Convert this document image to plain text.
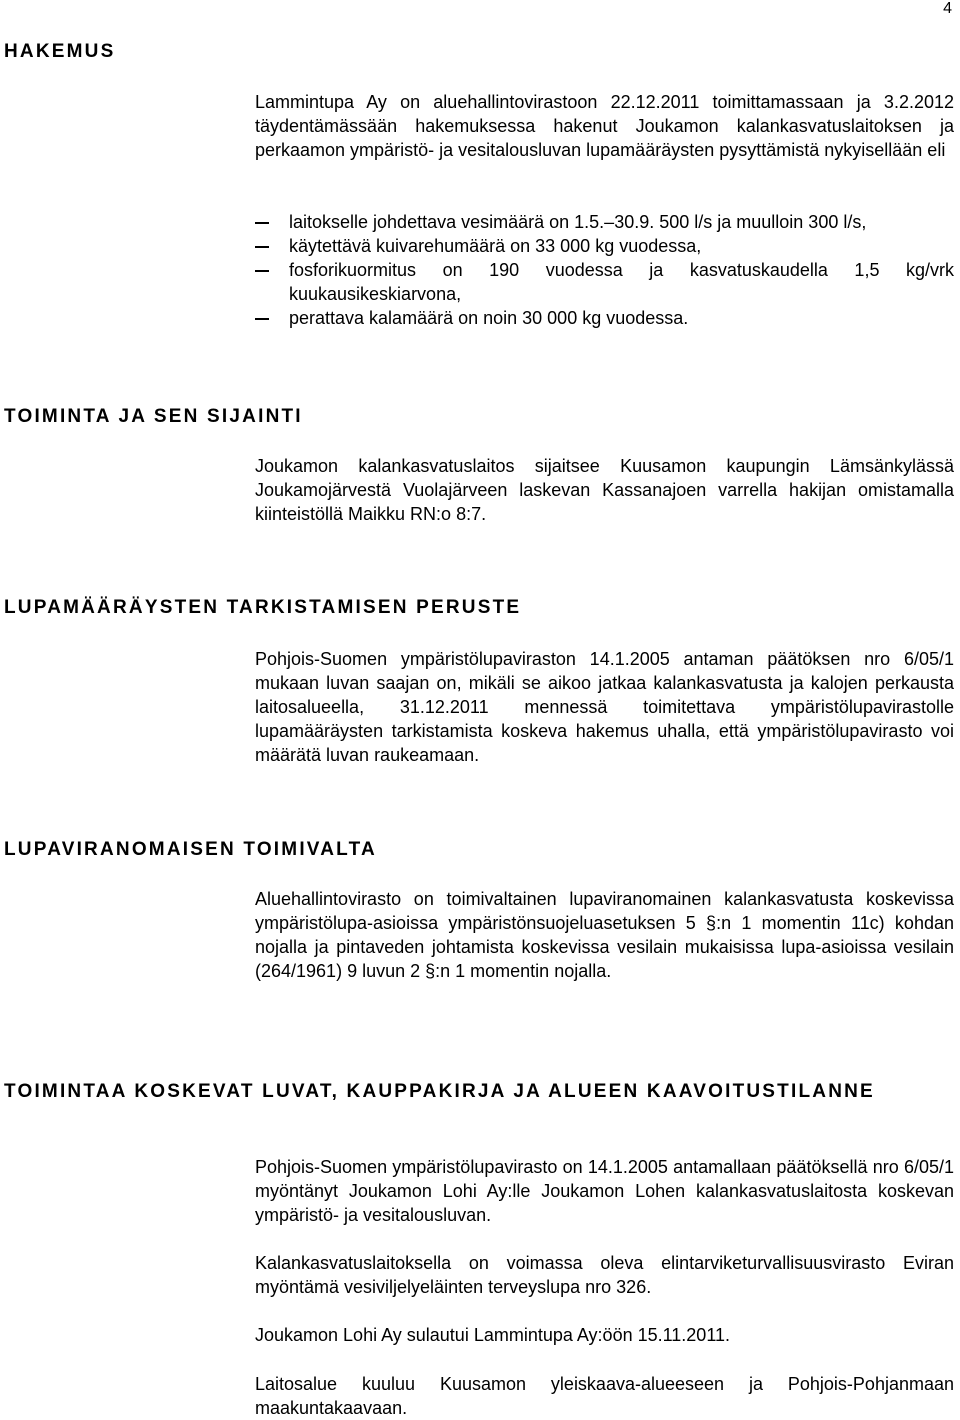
4
HAKEMUS

Lammintupa Ay on aluehallintovirastoon 22.12.2011 toimittamassaan ja 3.2.2012 täydentämässään hakemuksessa hakenut Joukamon kalankasvatuslaitoksen ja perkaamon ympäristö- ja vesitalousluvan lupamääräysten pysyttämistä nykyisellään eli

laitokselle johdettava vesimäärä on 1.5.–30.9. 500 l/s ja muulloin 300 l/s,
käytettävä kuivarehumäärä on 33 000 kg vuodessa,
fosforikuormitus on 190 vuodessa ja kasvatuskaudella 1,5 kg/vrk kuukausikeskiarvona,
perattava kalamäärä on noin 30 000 kg vuodessa.
TOIMINTA JA SEN SIJAINTI

Joukamon kalankasvatuslaitos sijaitsee Kuusamon kaupungin Lämsänkylässä Joukamojärvestä Vuolajärveen laskevan Kassanajoen varrella hakijan omistamalla kiinteistöllä Maikku RN:o 8:7.

LUPAMÄÄRÄYSTEN TARKISTAMISEN PERUSTE

Pohjois-Suomen ympäristölupaviraston 14.1.2005 antaman päätöksen nro 6/05/1 mukaan luvan saajan on, mikäli se aikoo jatkaa kalankasvatusta ja kalojen perkausta laitosalueella, 31.12.2011 mennessä toimitettava ympäristölupavirastolle lupamääräysten tarkistamista koskeva hakemus uhalla, että ympäristölupavirasto voi määrätä luvan raukeamaan.

LUPAVIRANOMAISEN TOIMIVALTA

Aluehallintovirasto on toimivaltainen lupaviranomainen kalankasvatusta koskevissa ympäristölupa-asioissa ympäristönsuojeluasetuksen 5 §:n 1 momentin 11c) kohdan nojalla ja pintaveden johtamista koskevissa vesilain mukaisissa lupa-asioissa vesilain (264/1961) 9 luvun 2 §:n 1 momentin nojalla.

TOIMINTAA KOSKEVAT LUVAT, KAUPPAKIRJA JA ALUEEN KAAVOITUSTILANNE

Pohjois-Suomen ympäristölupavirasto on 14.1.2005 antamallaan päätöksellä nro 6/05/1 myöntänyt Joukamon Lohi Ay:lle Joukamon Lohen kalankasvatuslaitosta koskevan ympäristö- ja vesitalousluvan.

Kalankasvatuslaitoksella on voimassa oleva elintarviketurvallisuusvirasto Eviran myöntämä vesiviljelyeläinten terveyslupa nro 326.

Joukamon Lohi Ay sulautui Lammintupa Ay:öön 15.11.2011.

Laitosalue kuuluu Kuusamon yleiskaava-alueeseen ja Pohjois-Pohjanmaan maakuntakaavaan.
